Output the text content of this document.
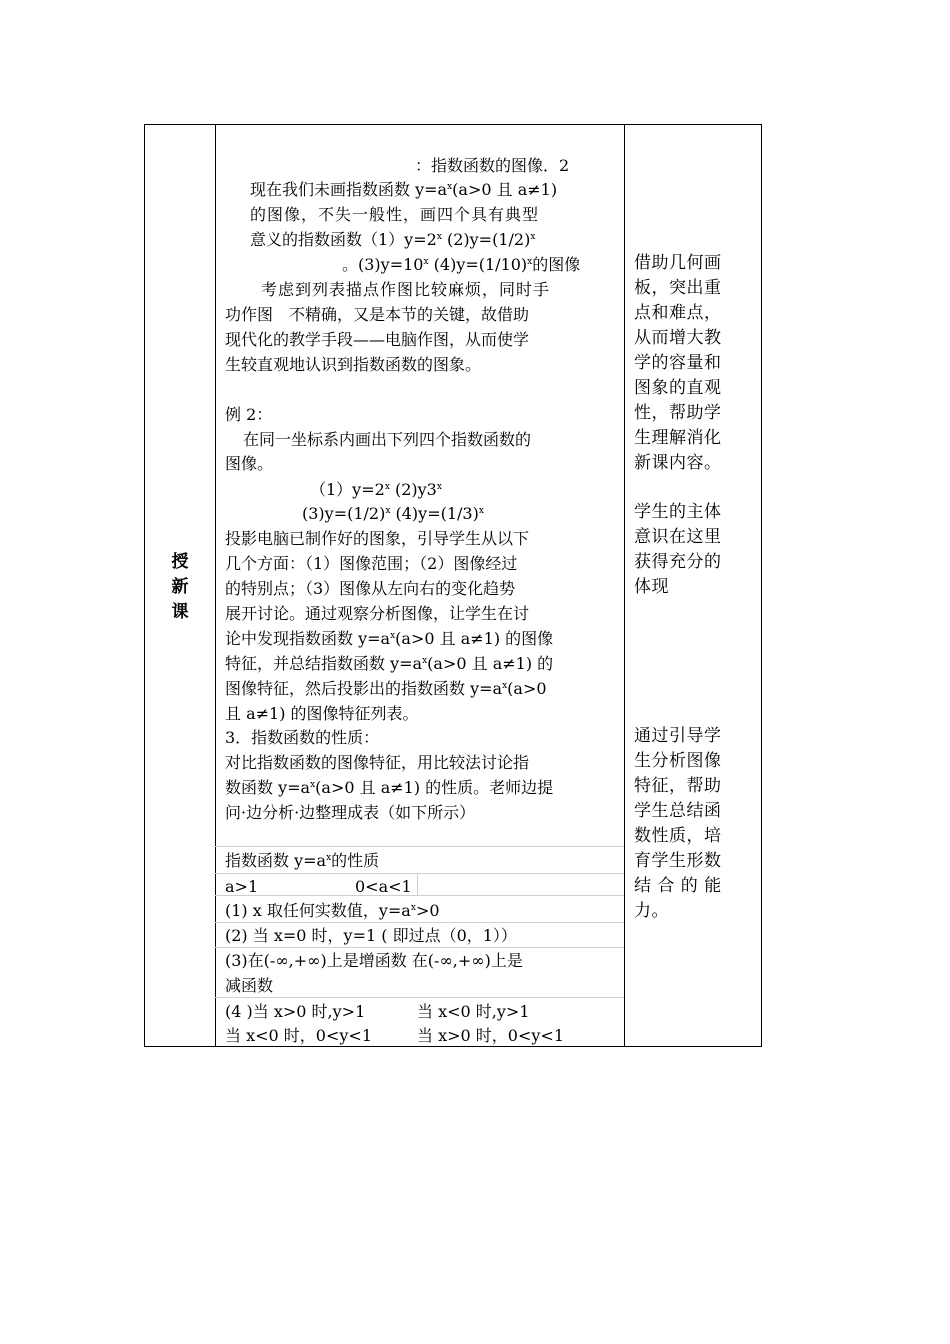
授
新
课
：指数函数的图像．2
现在我们未画指数函数 $y=a^x(a>0$ 且 a≠1)
的图像，不失一般性，画四个具有典型
意义的指数函数$(1)y=2^x$ $(2)y=(1/2)^x$
。$(3)y=10^x$ $(4)y=(1/10)^x$的图像
考虑到列表描点作图比较麻烦，同时手
功作图　不精确，又是本节的关键，故借助
现代化的教学手段——电脑作图，从而使学
生较直观地认识到指数函数的图象。
例 2：
在同一坐标系内画出下列四个指数函数的
图像。
$(1)y=2^x$ (2)y3$^x$
$(3)y=(1/2)^x$ $(4)y=(1/3)^x$
投影电脑已制作好的图象，引导学生从以下
几个方面：（1）图像范围；（2）图像经过
的特别点；（3）图像从左向右的变化趋势
展开讨论。通过观察分析图像，让学生在讨
论中发现指数函数 $y=a^x(a>0$ 且 a≠1) 的图像
特征，并总结指数函数 $y=a^x(a>0$ 且 a≠1) 的
图像特征，然后投影出的指数函数 $y=a^x(a>0$
且 a≠1) 的图像特征列表。
3．指数函数的性质：
对比指数函数的图像特征，用比较法讨论指
数函数 $y=a^x(a>0$ 且 a≠1) 的性质。老师边提
问·边分析·边整理成表（如下所示）
指数函数 $y=a^x$的性质
a>1	0<a<1
(1) x 取任何实数值，$y=a^x>0$
(2) 当 x=0 时，y=1 ( 即过点（0，1））
(3)在(-∞,+∞)上是增函数 在(-∞,+∞)上是
减函数
(4 )当 x>0 时,y>1	当 x<0 时,y>1
当 x<0 时，0<y<1	当 x>0 时，0<y<1
借助几何画
板，突出重
点和难点，
从而增大教
学的容量和
图象的直观
性，帮助学
生理解消化
新课内容。
学生的主体
意识在这里
获得充分的
体现
通过引导学
生分析图像
特征，帮助
学生总结函
数性质，培
育学生形数
结 合 的 能
力。
